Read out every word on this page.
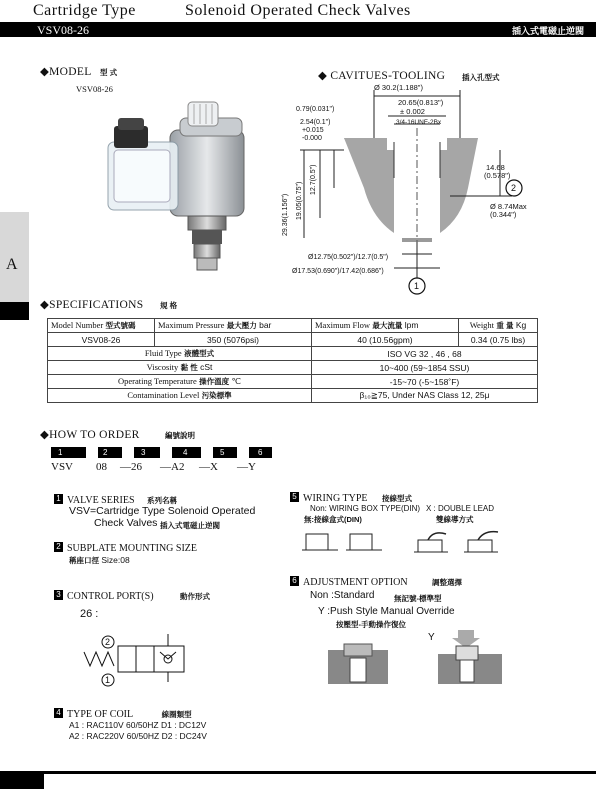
Cartridge Type	Solenoid Operated Check Valves
VSV08-26	插入式電磁止逆閥
A
◆MODEL 型 式
VSV08-26
◆ CAVITUES-TOOLING 插入孔型式
Ø 30.2(1.188")
20.65(0.813")
± 0.002
0.79(0.031")
2.54(0.1")
+0.015
-0.000
3/4-16UNF-2Bx
14.68
(0.578")
Ø 8.74Max
(0.344")
12.7(0.5")
19.05(0.75")
29.36(1.156")
Ø12.75(0.502")/12.7(0.5")
Ø17.53(0.690")/17.42(0.686")
1
2
◆SPECIFICATIONS 規 格
Model Number 型式號碼	Maximum Pressure 最大壓力 bar	Maximum Flow 最大流量 lpm	Weight 重 量 Kg
VSV08-26	350 (5076psi)	40 (10.56gpm)	0.34 (0.75 lbs)
Fluid Type 液體型式		ISO VG 32 , 46 , 68	
Viscosity 黏 性 cSt		10~400 (59~1854 SSU)	
Operating Temperature 操作溫度 ℃		-15~70 (-5~158˚F)	
Contamination Level 污染標準		β₁₀≧75, Under NAS Class 12, 25μ	
◆HOW TO ORDER	編號說明
1	2	3	4	5	6
VSV 08 —26 —A2 —X —Y
1 VALVE SERIES 系列名稱
VSV=Cartridge Type Solenoid Operated
Check Valves 插入式電磁止逆閥
2 SUBPLATE MOUNTING SIZE
稱座口徑 Size:08
3 CONTROL PORT(S)	動作形式
26 :
2
1
4 TYPE OF COIL	線圈類型
A1 : RAC110V 60/50HZ D1 : DC12V
A2 : RAC220V 60/50HZ D2 : DC24V
5 WIRING TYPE 接線型式
Non: WIRING BOX TYPE(DIN)
無:接線盒式(DIN)
X : DOUBLE LEAD
雙線導方式
6 ADJUSTMENT OPTION	調整選擇
Non :Standard	無記號-標準型
Y :Push Style Manual Override
按壓型-手動操作復位
Y
